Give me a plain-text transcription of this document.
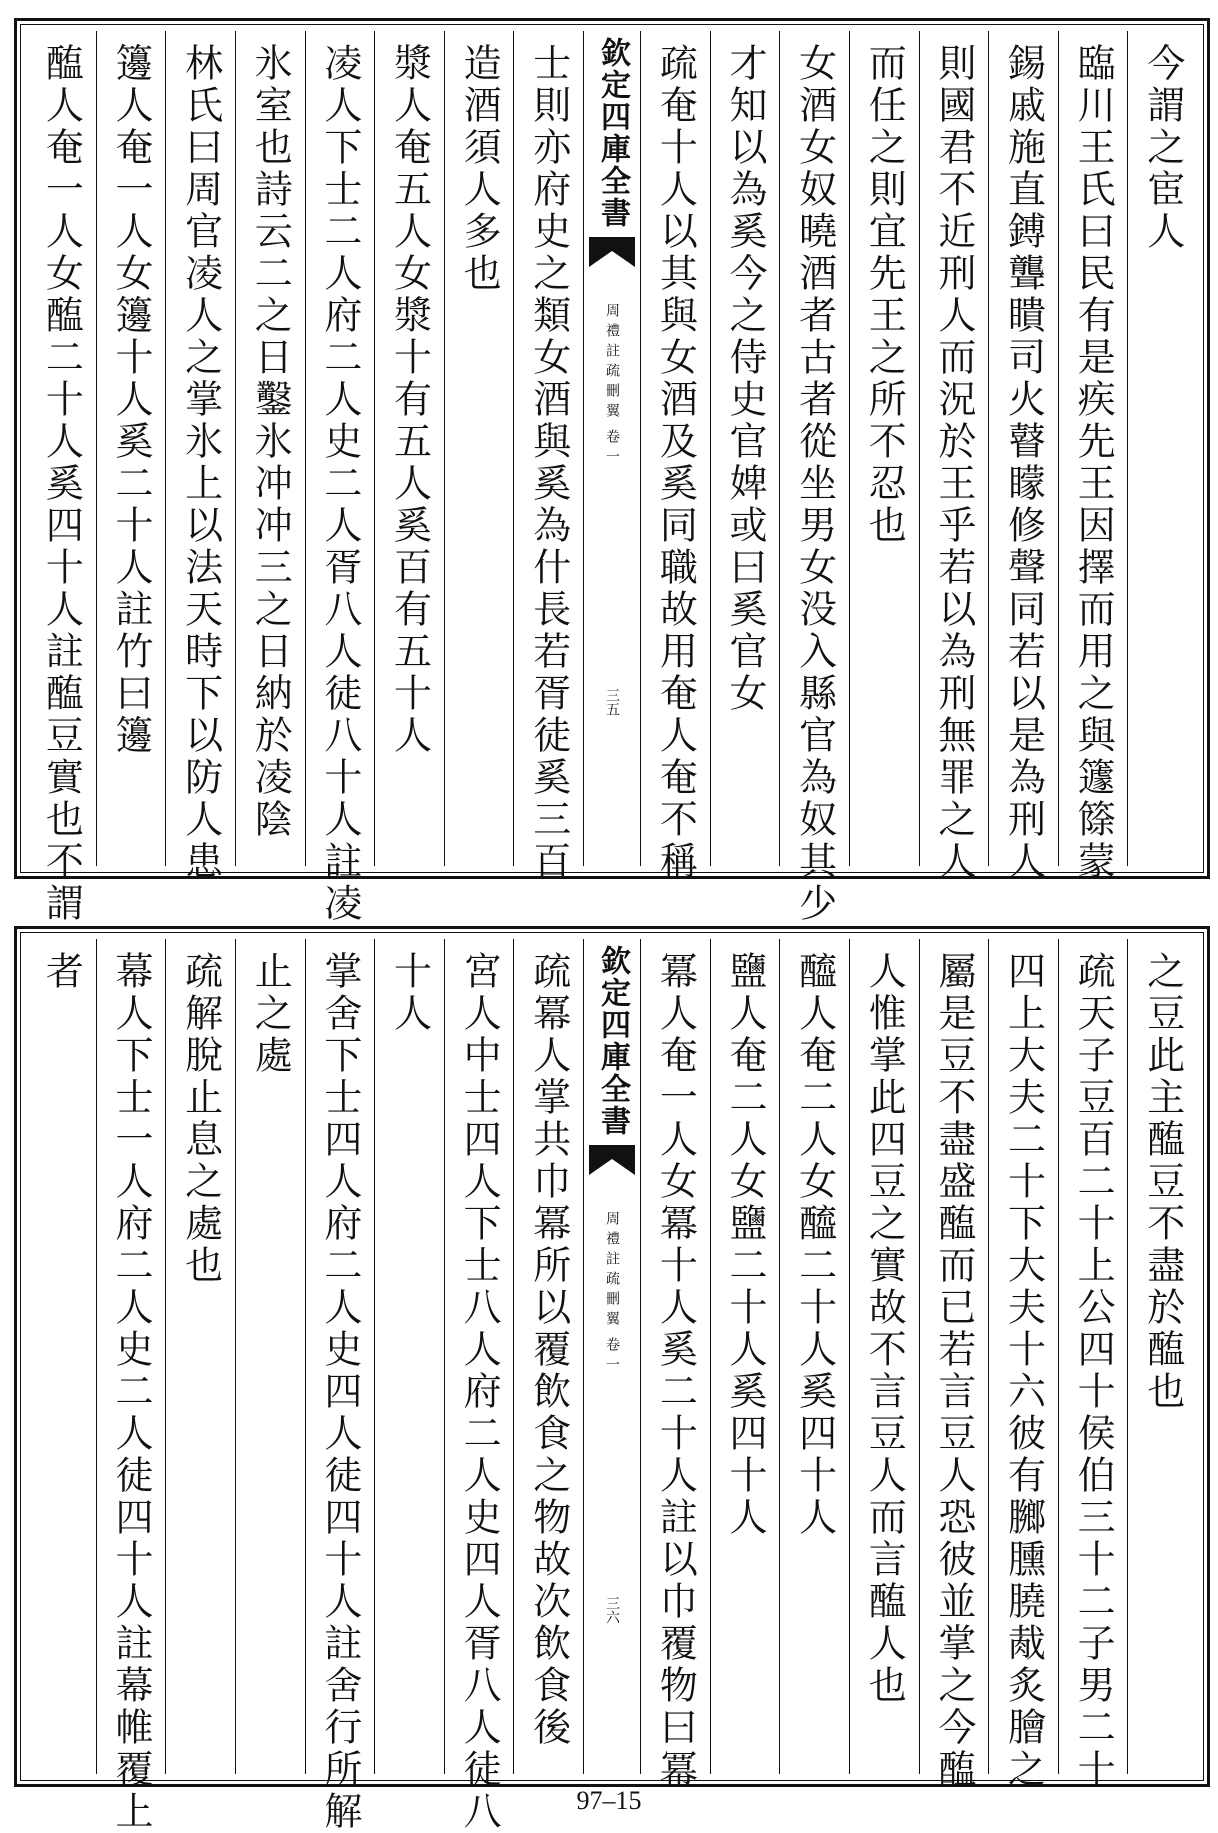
今謂之宦人
臨川王氏曰民有是疾先王因擇而用之與籧篨蒙
錫戚施直鎛聾瞶司火瞽矇修聲同若以是為刑人
則國君不近刑人而況於王乎若以為刑無罪之人
而任之則宜先王之所不忍也
女酒女奴曉酒者古者從坐男女没入縣官為奴其少
才知以為奚今之侍史官婢或曰奚官女
疏奄十人以其與女酒及奚同職故用奄人奄不稱
欽定四庫全書
周禮註疏刪翼
卷一
三五
士則亦府史之類女酒與奚為什長若胥徒奚三百
造酒須人多也
漿人奄五人女漿十有五人奚百有五十人
凌人下士二人府二人史二人胥八人徒八十人註凌
氷室也詩云二之日鑿氷冲冲三之日納於凌陰
林氏曰周官凌人之掌氷上以法天時下以防人患
籩人奄一人女籩十人奚二十人註竹曰籩
醢人奄一人女醢二十人奚四十人註醢豆實也不謂
之豆此主醢豆不盡於醢也
疏天子豆百二十上公四十侯伯三十二子男二十
四上大夫二十下大夫十六彼有膷臐膮胾炙膾之
屬是豆不盡盛醢而已若言豆人恐彼並掌之今醢
人惟掌此四豆之實故不言豆人而言醢人也
醯人奄二人女醯二十人奚四十人
鹽人奄二人女鹽二十人奚四十人
冪人奄一人女冪十人奚二十人註以巾覆物曰冪
欽定四庫全書
周禮註疏刪翼
卷一
三六
疏冪人掌共巾冪所以覆飲食之物故次飲食後
宮人中士四人下士八人府二人史四人胥八人徒八
十人
掌舍下士四人府二人史四人徒四十人註舍行所解
止之處
疏解脫止息之處也
幕人下士一人府二人史二人徒四十人註幕帷覆上
者
97–15
